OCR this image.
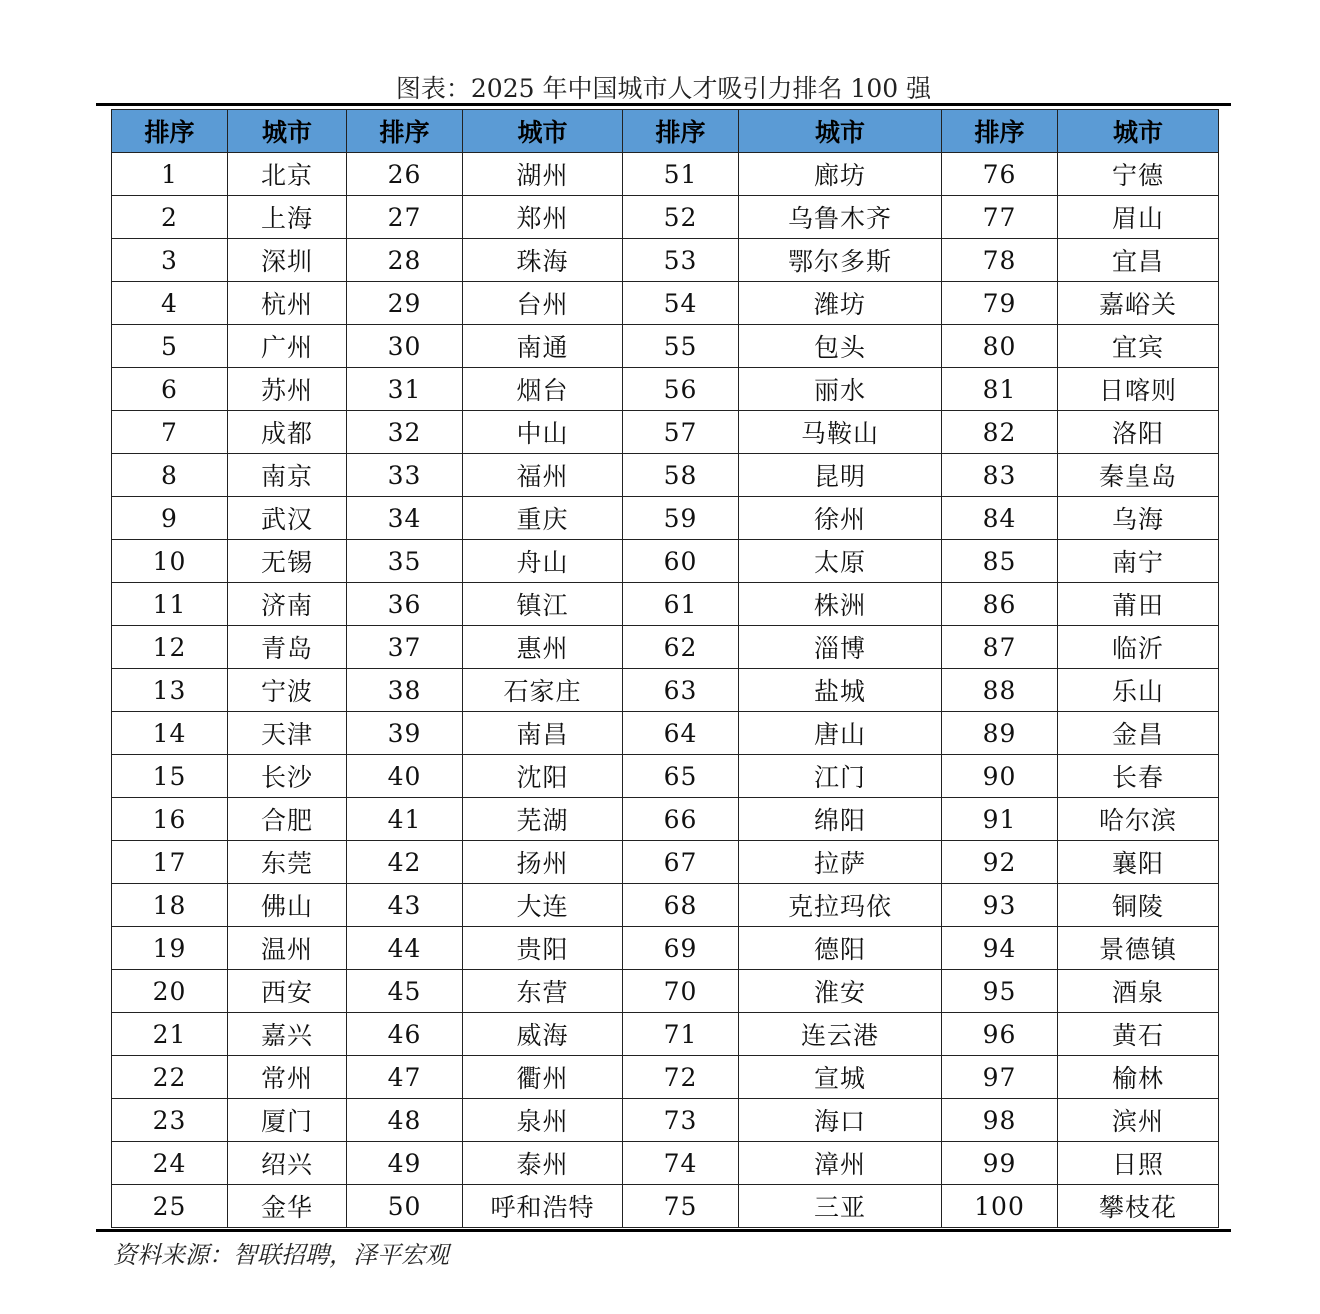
图表：2025 年中国城市人才吸引力排名 100 强
排序	城市	排序	城市	排序	城市	排序	城市
1	北京	26	湖州	51	廊坊	76	宁德
2	上海	27	郑州	52	乌鲁木齐	77	眉山
3	深圳	28	珠海	53	鄂尔多斯	78	宜昌
4	杭州	29	台州	54	潍坊	79	嘉峪关
5	广州	30	南通	55	包头	80	宜宾
6	苏州	31	烟台	56	丽水	81	日喀则
7	成都	32	中山	57	马鞍山	82	洛阳
8	南京	33	福州	58	昆明	83	秦皇岛
9	武汉	34	重庆	59	徐州	84	乌海
10	无锡	35	舟山	60	太原	85	南宁
11	济南	36	镇江	61	株洲	86	莆田
12	青岛	37	惠州	62	淄博	87	临沂
13	宁波	38	石家庄	63	盐城	88	乐山
14	天津	39	南昌	64	唐山	89	金昌
15	长沙	40	沈阳	65	江门	90	长春
16	合肥	41	芜湖	66	绵阳	91	哈尔滨
17	东莞	42	扬州	67	拉萨	92	襄阳
18	佛山	43	大连	68	克拉玛依	93	铜陵
19	温州	44	贵阳	69	德阳	94	景德镇
20	西安	45	东营	70	淮安	95	酒泉
21	嘉兴	46	威海	71	连云港	96	黄石
22	常州	47	衢州	72	宣城	97	榆林
23	厦门	48	泉州	73	海口	98	滨州
24	绍兴	49	泰州	74	漳州	99	日照
25	金华	50	呼和浩特	75	三亚	100	攀枝花
资料来源：智联招聘，泽平宏观
